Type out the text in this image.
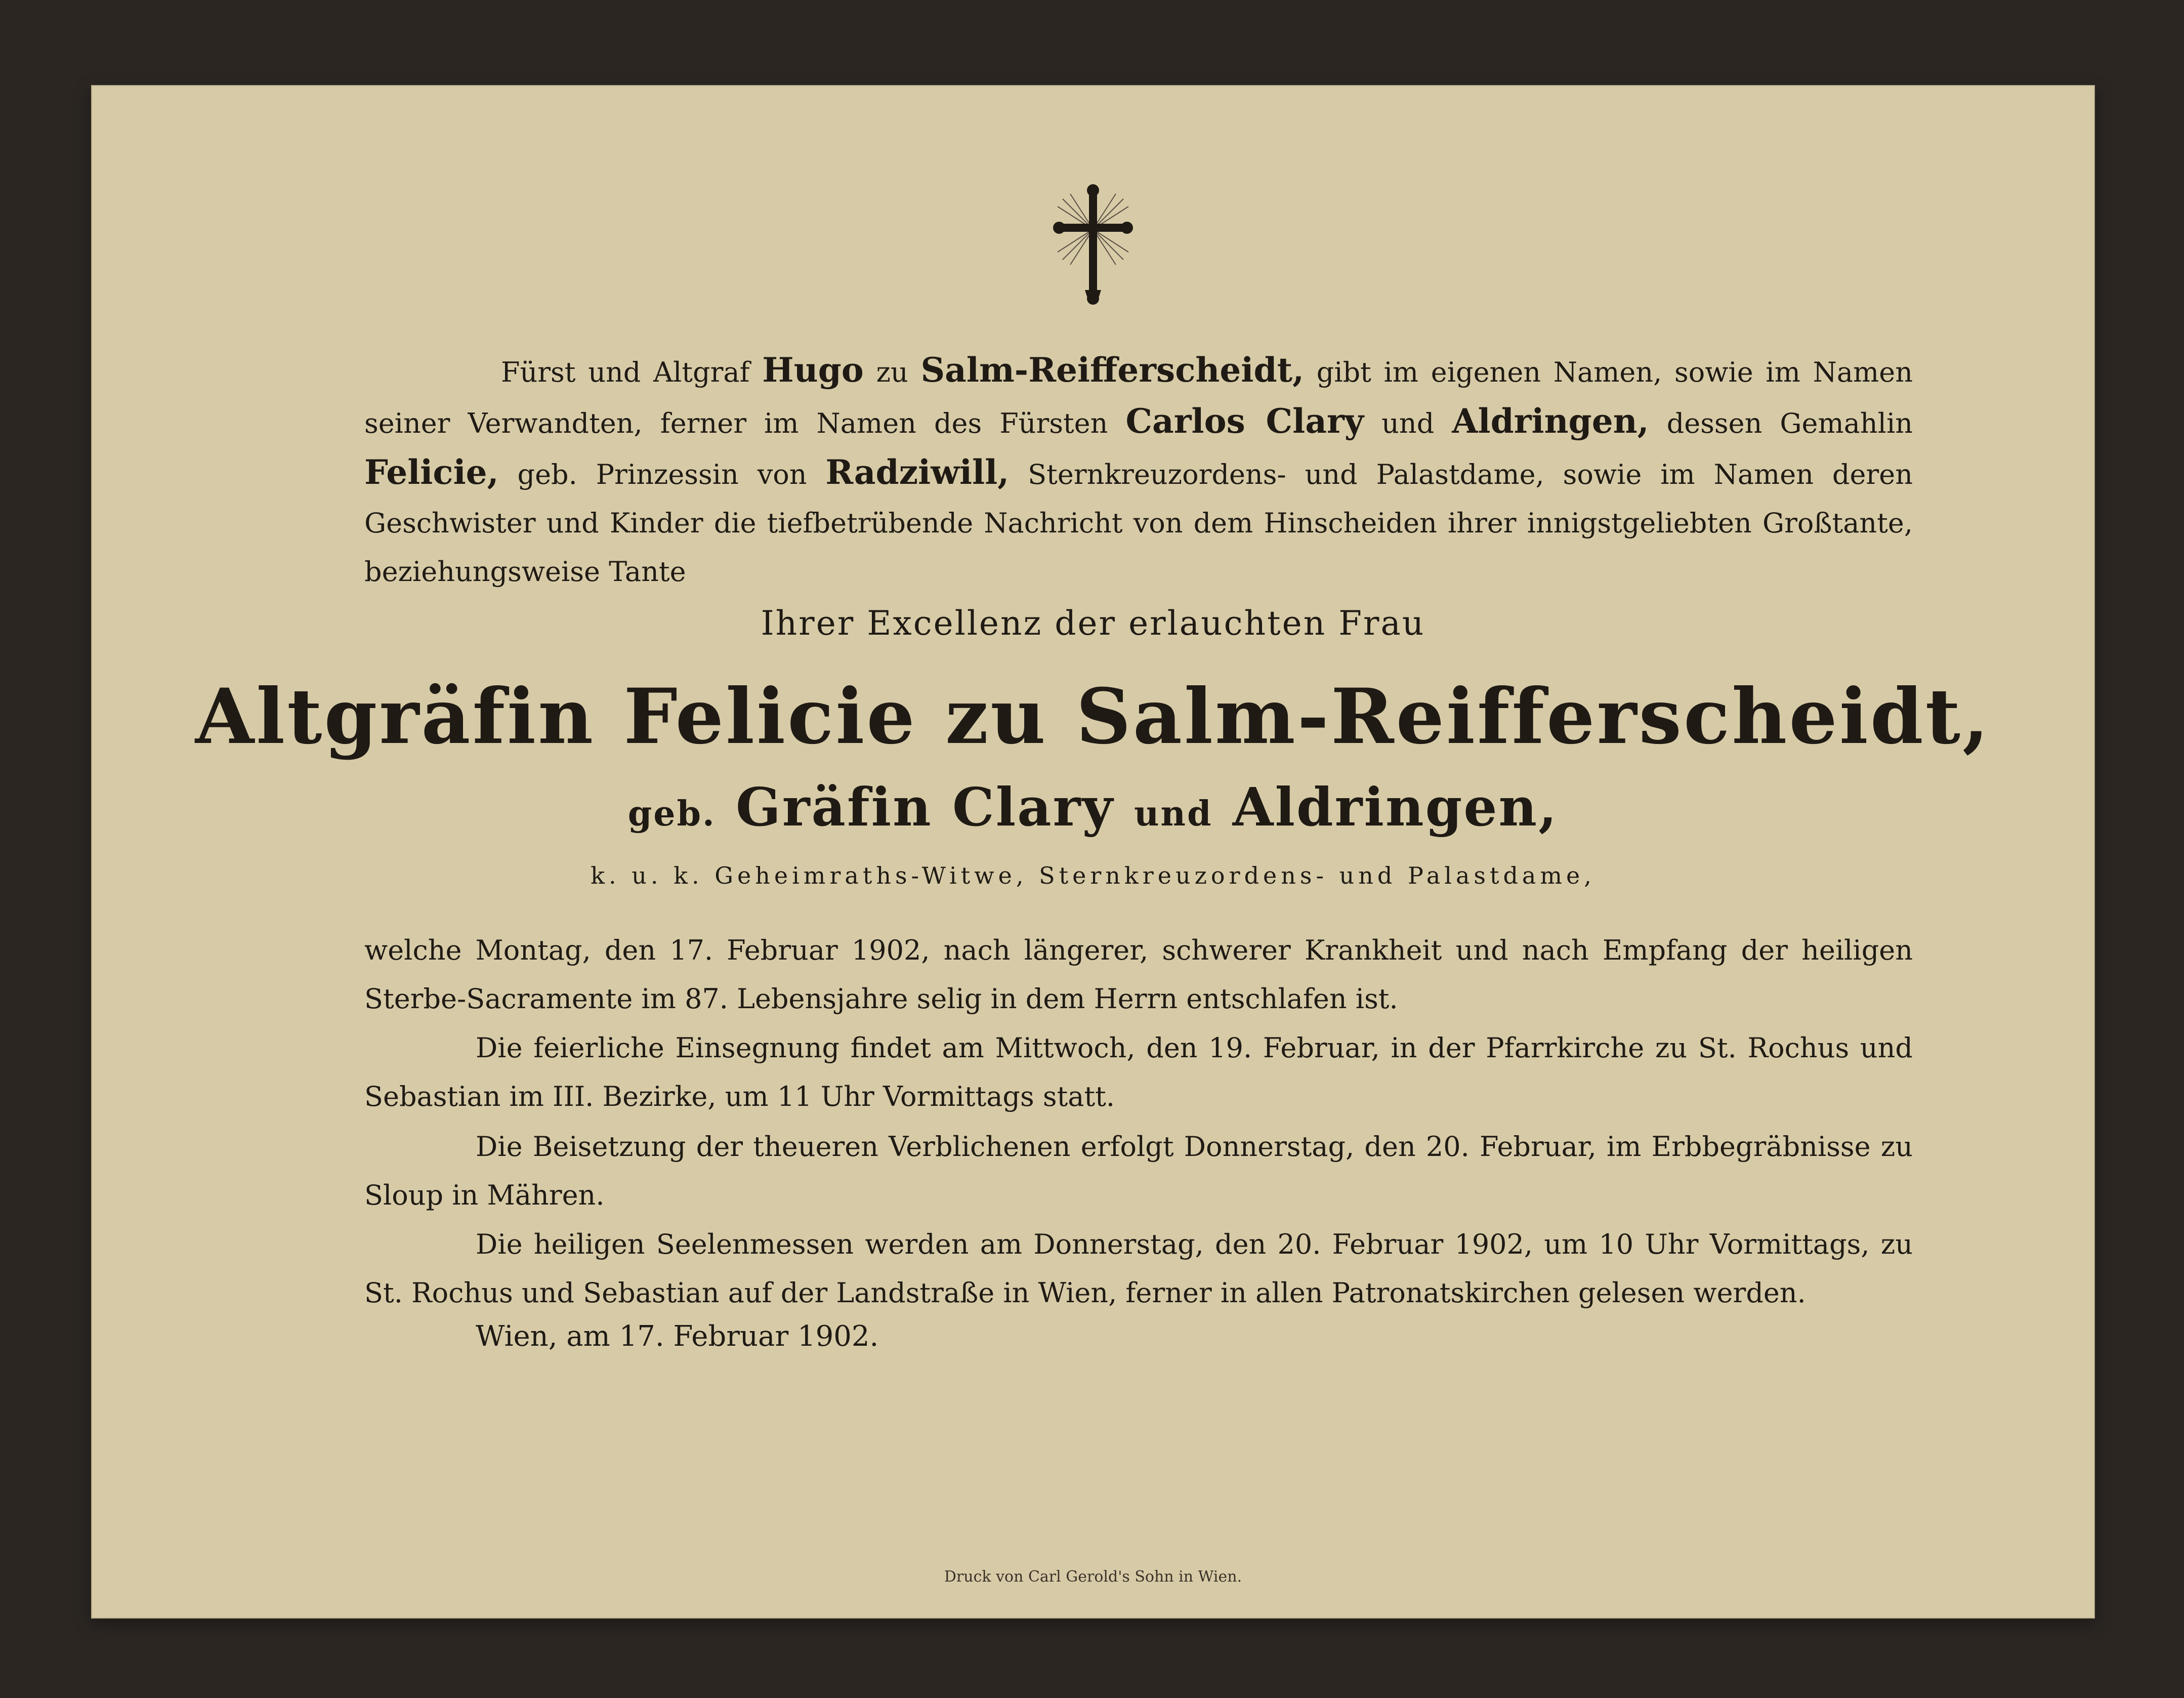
Fürst und Altgraf Hugo zu Salm-Reifferscheidt, gibt im eigenen Namen, sowie im Namen seiner Verwandten, ferner im Namen des Fürsten Carlos Clary und Aldringen, dessen Gemahlin Felicie, geb. Prinzessin von Radziwill, Sternkreuzordens- und Palastdame, sowie im Namen deren Geschwister und Kinder die tiefbetrübende Nachricht von dem Hinscheiden ihrer innigstgeliebten Großtante, beziehungsweise Tante

Ihrer Excellenz der erlauchten Frau

Altgräfin Felicie zu Salm-Reifferscheidt,

geb. Gräfin Clary und Aldringen,

k. u. k. Geheimraths-Witwe, Sternkreuzordens- und Palastdame,

welche Montag, den 17. Februar 1902, nach längerer, schwerer Krankheit und nach Empfang der heiligen Sterbe-Sacramente im 87. Lebensjahre selig in dem Herrn entschlafen ist.

Die feierliche Einsegnung findet am Mittwoch, den 19. Februar, in der Pfarrkirche zu St. Rochus und Sebastian im III. Bezirke, um 11 Uhr Vormittags statt.

Die Beisetzung der theueren Verblichenen erfolgt Donnerstag, den 20. Februar, im Erbbegräbnisse zu Sloup in Mähren.

Die heiligen Seelenmessen werden am Donnerstag, den 20. Februar 1902, um 10 Uhr Vormittags, zu St. Rochus und Sebastian auf der Landstraße in Wien, ferner in allen Patronatskirchen gelesen werden.

Wien, am 17. Februar 1902.

Druck von Carl Gerold's Sohn in Wien.
